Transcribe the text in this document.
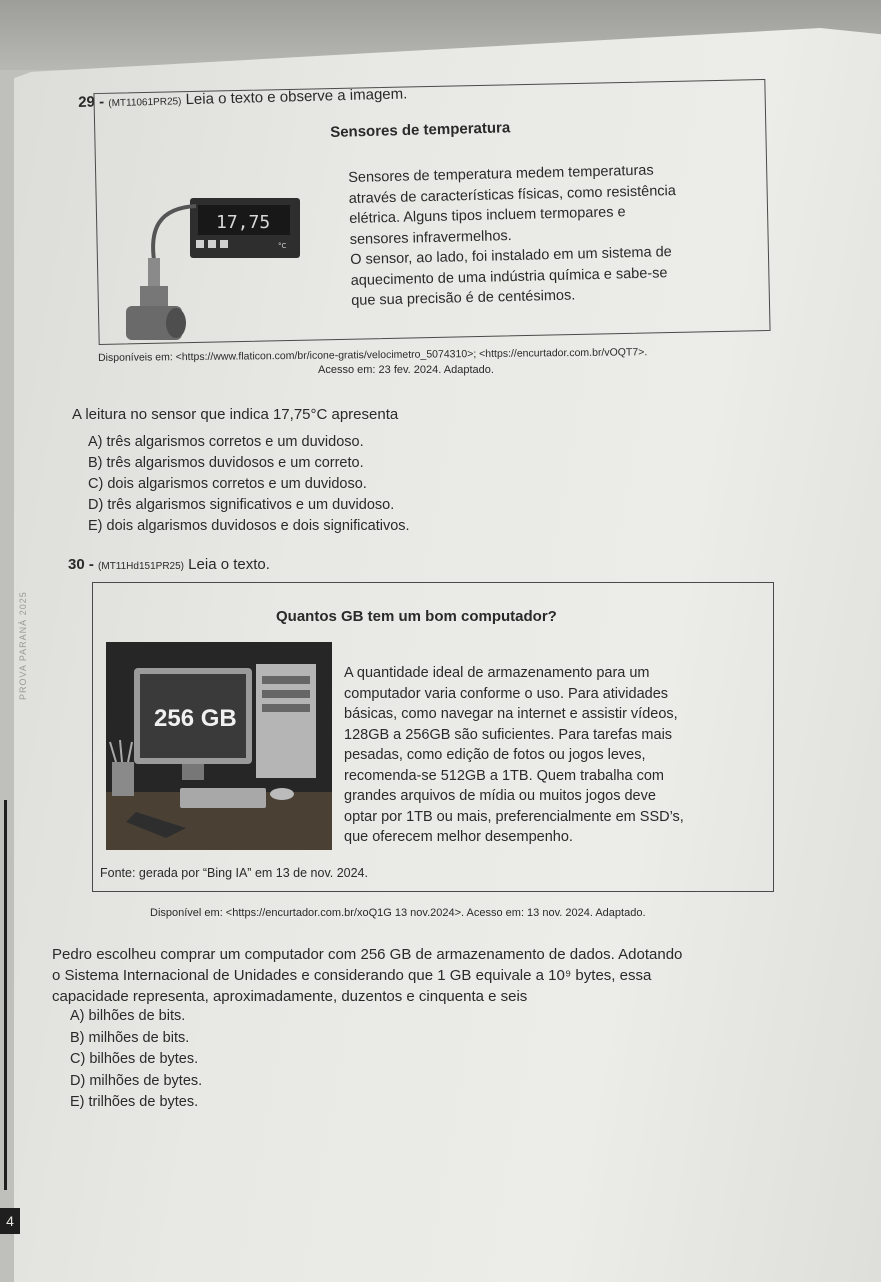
PROVA PARANÁ 2025
4
29 - (MT11061PR25) Leia o texto e observe a imagem.
Sensores de temperatura
17,75
°C
Sensores de temperatura medem temperaturas
através de características físicas, como resistência
elétrica. Alguns tipos incluem termopares e
sensores infravermelhos.
O sensor, ao lado, foi instalado em um sistema de
aquecimento de uma indústria química e sabe-se
que sua precisão é de centésimos.
Disponíveis em: <https://www.flaticon.com/br/icone-gratis/velocimetro_5074310>; <https://encurtador.com.br/vOQT7>.
Acesso em: 23 fev. 2024. Adaptado.
A leitura no sensor que indica 17,75°C apresenta
A) três algarismos corretos e um duvidoso.
B) três algarismos duvidosos e um correto.
C) dois algarismos corretos e um duvidoso.
D) três algarismos significativos e um duvidoso.
E) dois algarismos duvidosos e dois significativos.
30 - (MT11Hd151PR25) Leia o texto.
Quantos GB tem um bom computador?
256 GB
A quantidade ideal de armazenamento para um
computador varia conforme o uso. Para atividades
básicas, como navegar na internet e assistir vídeos,
128GB a 256GB são suficientes. Para tarefas mais
pesadas, como edição de fotos ou jogos leves,
recomenda-se 512GB a 1TB. Quem trabalha com
grandes arquivos de mídia ou muitos jogos deve
optar por 1TB ou mais, preferencialmente em SSD’s,
que oferecem melhor desempenho.
Fonte: gerada por “Bing IA” em 13 de nov. 2024.
Disponível em: <https://encurtador.com.br/xoQ1G 13 nov.2024>. Acesso em: 13 nov. 2024. Adaptado.
Pedro escolheu comprar um computador com 256 GB de armazenamento de dados. Adotando
o Sistema Internacional de Unidades e considerando que 1 GB equivale a 10⁹ bytes, essa
capacidade representa, aproximadamente, duzentos e cinquenta e seis
A) bilhões de bits.
B) milhões de bits.
C) bilhões de bytes.
D) milhões de bytes.
E) trilhões de bytes.
